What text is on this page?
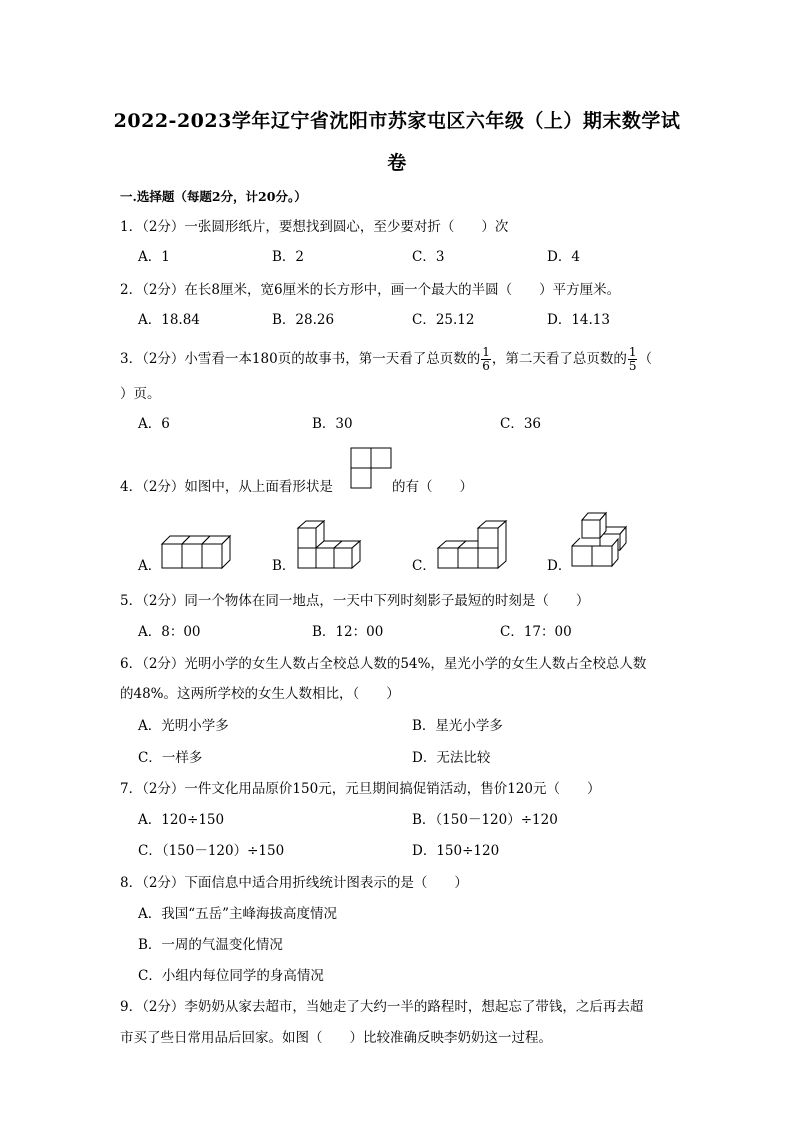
2022-2023学年辽宁省沈阳市苏家屯区六年级（上）期末数学试
卷
一.选择题（每题2分，计20分。）
1．（2分）一张圆形纸片，要想找到圆心，至少要对折（　　）次
A．1	B．2	C．3	D．4
2．（2分）在长8厘米，宽6厘米的长方形中，画一个最大的半圆（　　）平方厘米。
A．18.84	B．28.26	C．25.12	D．14.13
3．（2分）小雪看一本180页的故事书，第一天看了总页数的 $\frac{1}{6}$ ，第二天看了总页数的 $\frac{1}{5}$ （
）页。
A．6	B．30	C．36
4．（2分）如图中，从上面看形状是	的有（　　）
A．	B．	C．	D．
5．（2分）同一个物体在同一地点，一天中下列时刻影子最短的时刻是（　　）
A．8：00	B．12：00	C．17：00
6．（2分）光明小学的女生人数占全校总人数的54%，星光小学的女生人数占全校总人数
的48%。这两所学校的女生人数相比，（　　）
A．光明小学多	B．星光小学多
C．一样多	D．无法比较
7．（2分）一件文化用品原价150元，元旦期间搞促销活动，售价120元（　　）
A．120÷150	B．（150－120）÷120
C．（150－120）÷150	D．150÷120
8．（2分）下面信息中适合用折线统计图表示的是（　　）
A．我国“五岳”主峰海拔高度情况
B．一周的气温变化情况
C．小组内每位同学的身高情况
9．（2分）李奶奶从家去超市，当她走了大约一半的路程时，想起忘了带钱，之后再去超
市买了些日常用品后回家。如图（　　）比较准确反映李奶奶这一过程。
